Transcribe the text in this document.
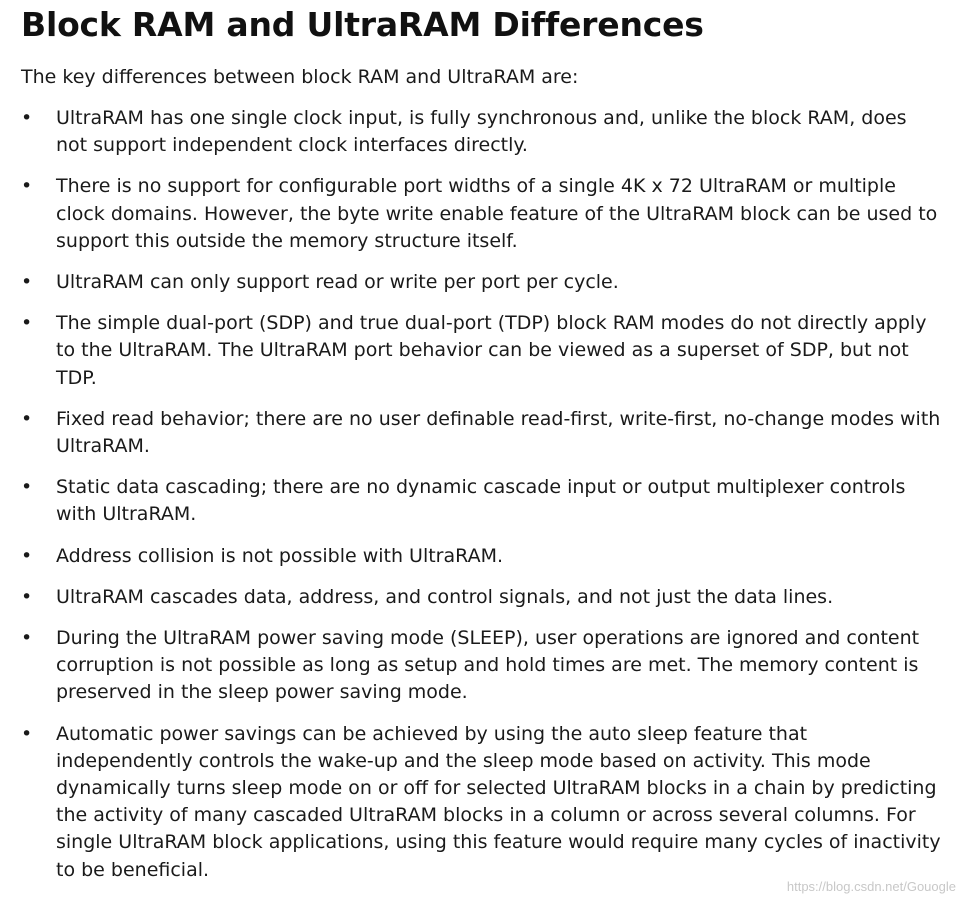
Block RAM and UltraRAM Differences

The key differences between block RAM and UltraRAM are:

• UltraRAM has one single clock input, is fully synchronous and, unlike the block RAM, does not support independent clock interfaces directly.
• There is no support for configurable port widths of a single 4K x 72 UltraRAM or multiple clock domains. However, the byte write enable feature of the UltraRAM block can be used to support this outside the memory structure itself.
• UltraRAM can only support read or write per port per cycle.
• The simple dual-port (SDP) and true dual-port (TDP) block RAM modes do not directly apply to the UltraRAM. The UltraRAM port behavior can be viewed as a superset of SDP, but not TDP.
• Fixed read behavior; there are no user definable read-first, write-first, no-change modes with UltraRAM.
• Static data cascading; there are no dynamic cascade input or output multiplexer controls with UltraRAM.
• Address collision is not possible with UltraRAM.
• UltraRAM cascades data, address, and control signals, and not just the data lines.
• During the UltraRAM power saving mode (SLEEP), user operations are ignored and content corruption is not possible as long as setup and hold times are met. The memory content is preserved in the sleep power saving mode.
• Automatic power savings can be achieved by using the auto sleep feature that independently controls the wake-up and the sleep mode based on activity. This mode dynamically turns sleep mode on or off for selected UltraRAM blocks in a chain by predicting the activity of many cascaded UltraRAM blocks in a column or across several columns. For single UltraRAM block applications, using this feature would require many cycles of inactivity to be beneficial.
https://blog.csdn.net/Gouogle
